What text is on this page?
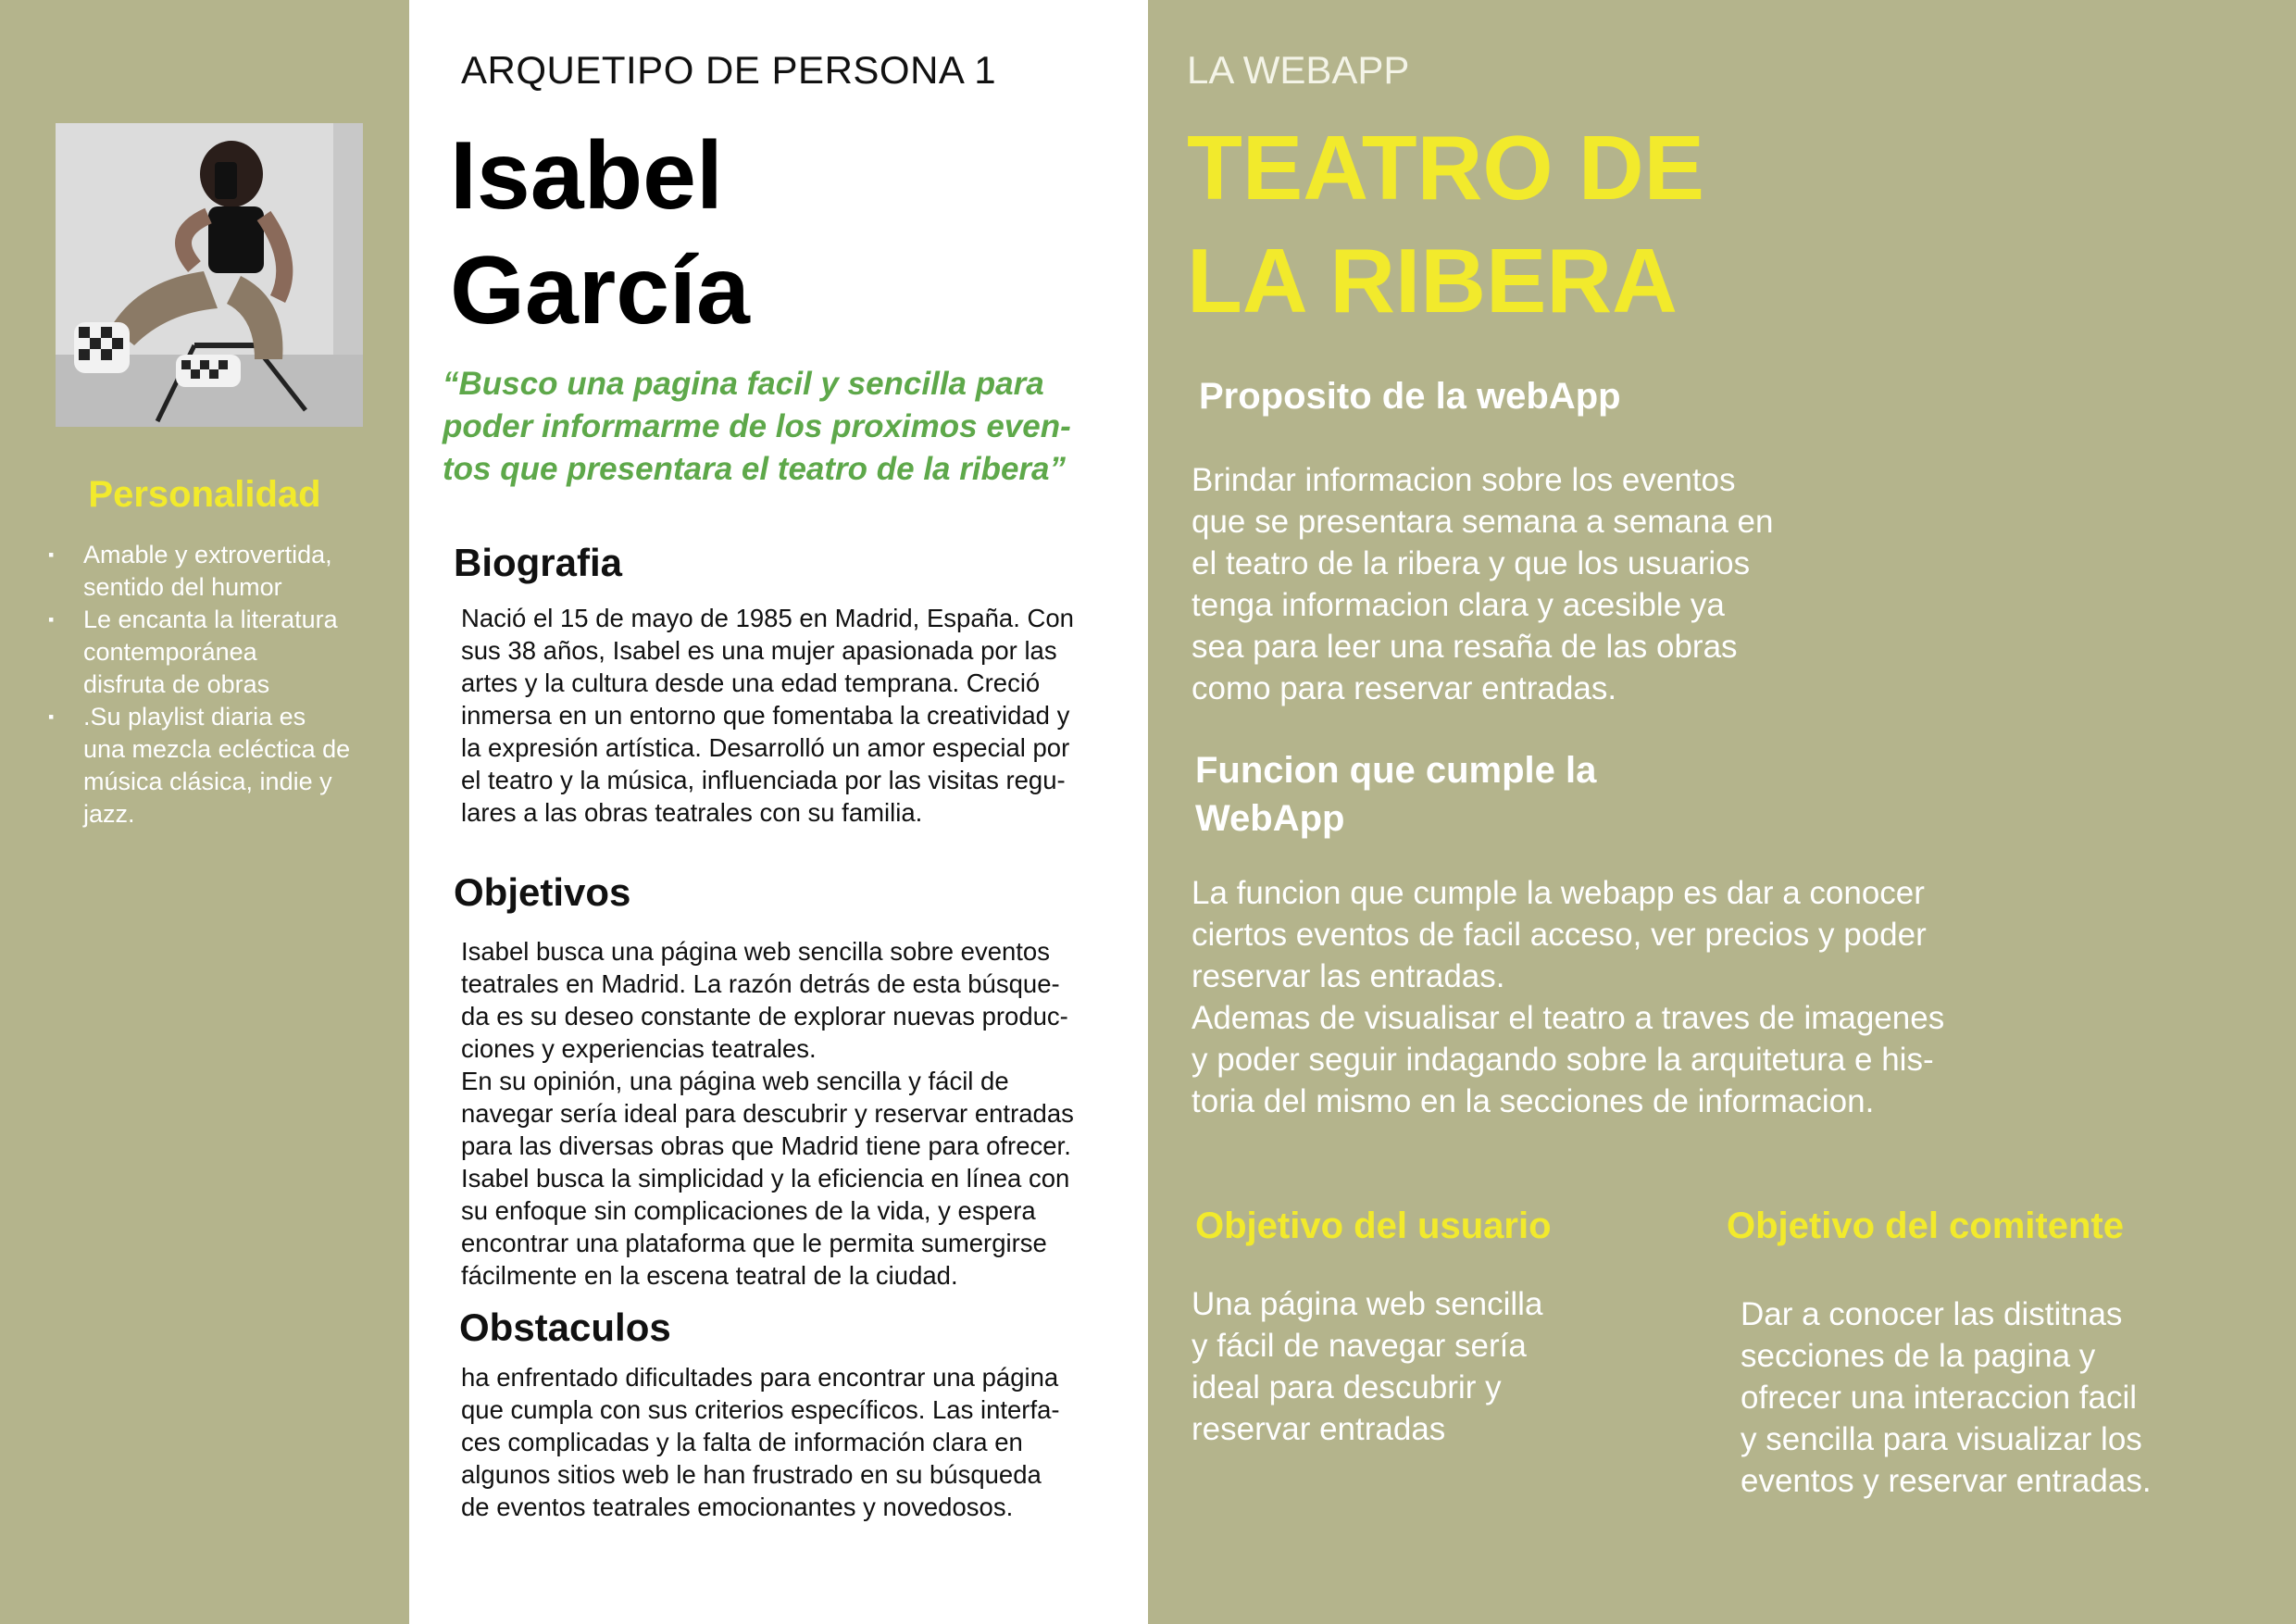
Personalidad
▪ Amable y extrovertida,
sentido del humor
▪ Le encanta la literatura
contemporánea
disfruta de obras
▪ .Su playlist diaria es
una mezcla ecléctica de
música clásica, indie y
jazz.
ARQUETIPO DE PERSONA 1
Isabel
García
“Busco una pagina facil y sencilla para
poder informarme de los proximos even-
tos que presentara el teatro de la ribera”
Biografia
Nació el 15 de mayo de 1985 en Madrid, España. Con
sus 38 años, Isabel es una mujer apasionada por las
artes y la cultura desde una edad temprana. Creció
inmersa en un entorno que fomentaba la creatividad y
la expresión artística. Desarrolló un amor especial por
el teatro y la música, influenciada por las visitas regu-
lares a las obras teatrales con su familia.
Objetivos
Isabel busca una página web sencilla sobre eventos
teatrales en Madrid. La razón detrás de esta búsque-
da es su deseo constante de explorar nuevas produc-
ciones y experiencias teatrales.
En su opinión, una página web sencilla y fácil de
navegar sería ideal para descubrir y reservar entradas
para las diversas obras que Madrid tiene para ofrecer.
Isabel busca la simplicidad y la eficiencia en línea con
su enfoque sin complicaciones de la vida, y espera
encontrar una plataforma que le permita sumergirse
fácilmente en la escena teatral de la ciudad.
Obstaculos
ha enfrentado dificultades para encontrar una página
que cumpla con sus criterios específicos. Las interfa-
ces complicadas y la falta de información clara en
algunos sitios web le han frustrado en su búsqueda
de eventos teatrales emocionantes y novedosos.
LA WEBAPP
TEATRO DE
LA RIBERA
Proposito de la webApp
Brindar informacion sobre los eventos
que se presentara semana a semana en
el teatro de la ribera y que los usuarios
tenga informacion clara y acesible ya
sea para leer una resaña de las obras
como para reservar entradas.
Funcion que cumple la
WebApp
La funcion que cumple la webapp es dar a conocer
ciertos eventos de facil acceso, ver precios y poder
reservar las entradas.
Ademas de visualisar el teatro a traves de imagenes
y poder seguir indagando sobre la arquitetura e his-
toria del mismo en la secciones de informacion.
Objetivo del usuario
Una página web sencilla
y fácil de navegar sería
ideal para descubrir y
reservar entradas
Objetivo del comitente
Dar a conocer las distitnas
secciones de la pagina y
ofrecer una interaccion facil
y sencilla para visualizar los
eventos y reservar entradas.
